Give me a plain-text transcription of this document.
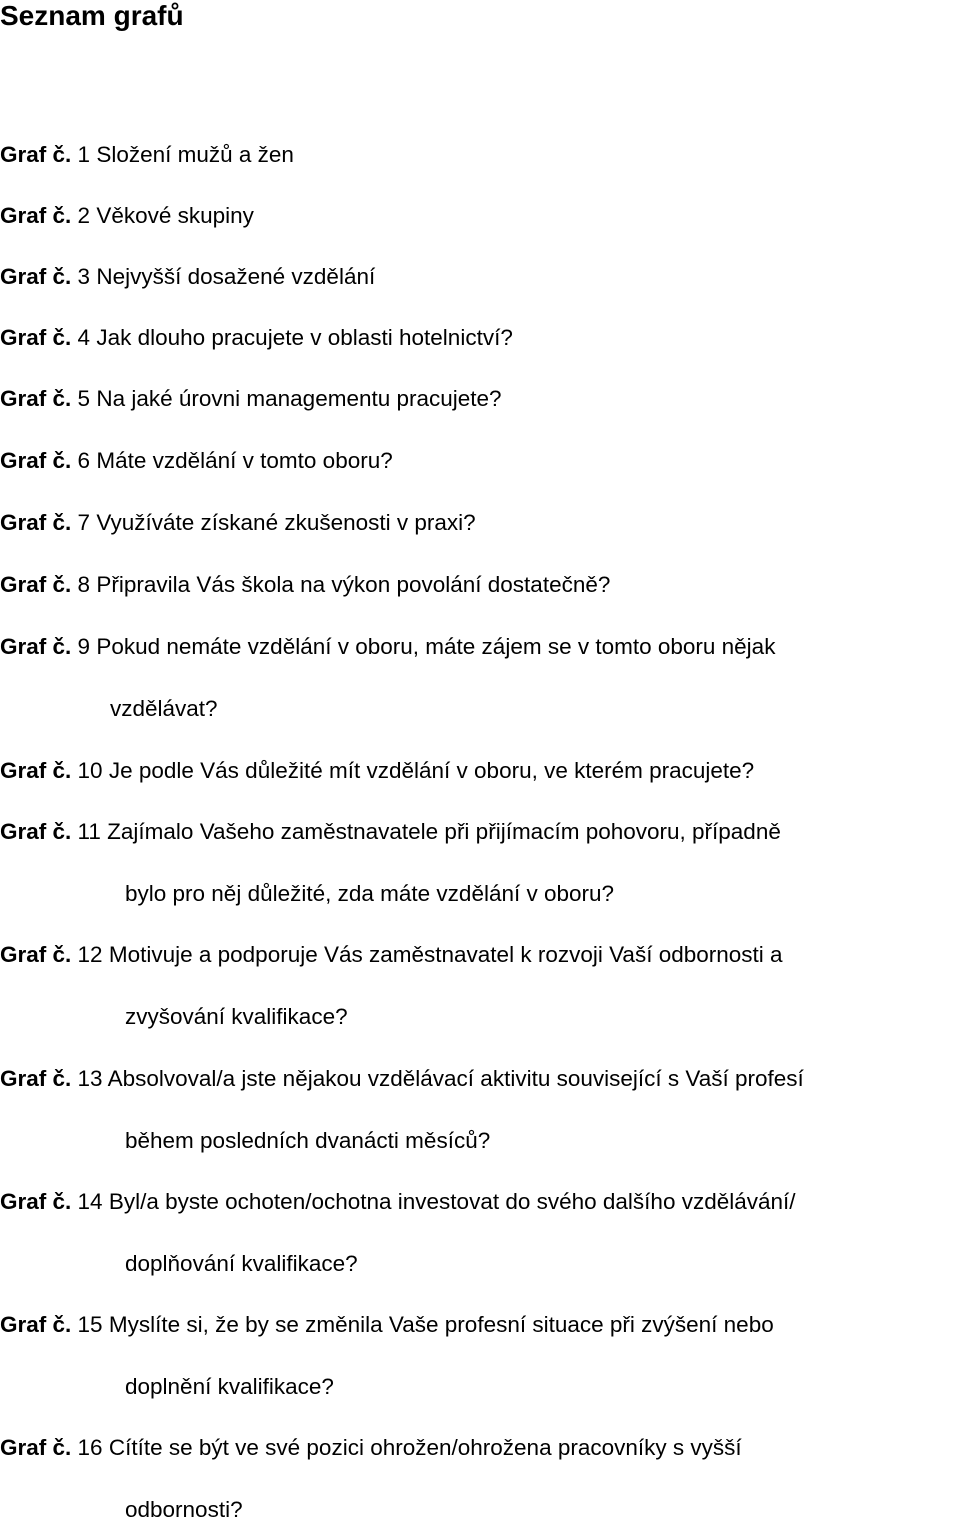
Seznam grafů
Graf č. 1 Složení mužů a žen
Graf č. 2 Věkové skupiny
Graf č. 3 Nejvyšší dosažené vzdělání
Graf č. 4 Jak dlouho pracujete v oblasti hotelnictví?
Graf č. 5 Na jaké úrovni managementu pracujete?
Graf č. 6 Máte vzdělání v tomto oboru?
Graf č. 7 Využíváte získané zkušenosti v praxi?
Graf č. 8 Připravila Vás škola na výkon povolání dostatečně?
Graf č. 9 Pokud nemáte vzdělání v oboru, máte zájem se v tomto oboru nějak
vzdělávat?
Graf č. 10 Je podle Vás důležité mít vzdělání v oboru, ve kterém pracujete?
Graf č. 11 Zajímalo Vašeho zaměstnavatele při přijímacím pohovoru, případně
bylo pro něj důležité, zda máte vzdělání v oboru?
Graf č. 12 Motivuje a podporuje Vás zaměstnavatel k rozvoji Vaší odbornosti a
zvyšování kvalifikace?
Graf č. 13 Absolvoval/a jste nějakou vzdělávací aktivitu související s Vaší profesí
během posledních dvanácti měsíců?
Graf č. 14 Byl/a byste ochoten/ochotna investovat do svého dalšího vzdělávání/
doplňování kvalifikace?
Graf č. 15 Myslíte si, že by se změnila Vaše profesní situace při zvýšení nebo
doplnění kvalifikace?
Graf č. 16 Cítíte se být ve své pozici ohrožen/ohrožena pracovníky s vyšší
odbornosti?
